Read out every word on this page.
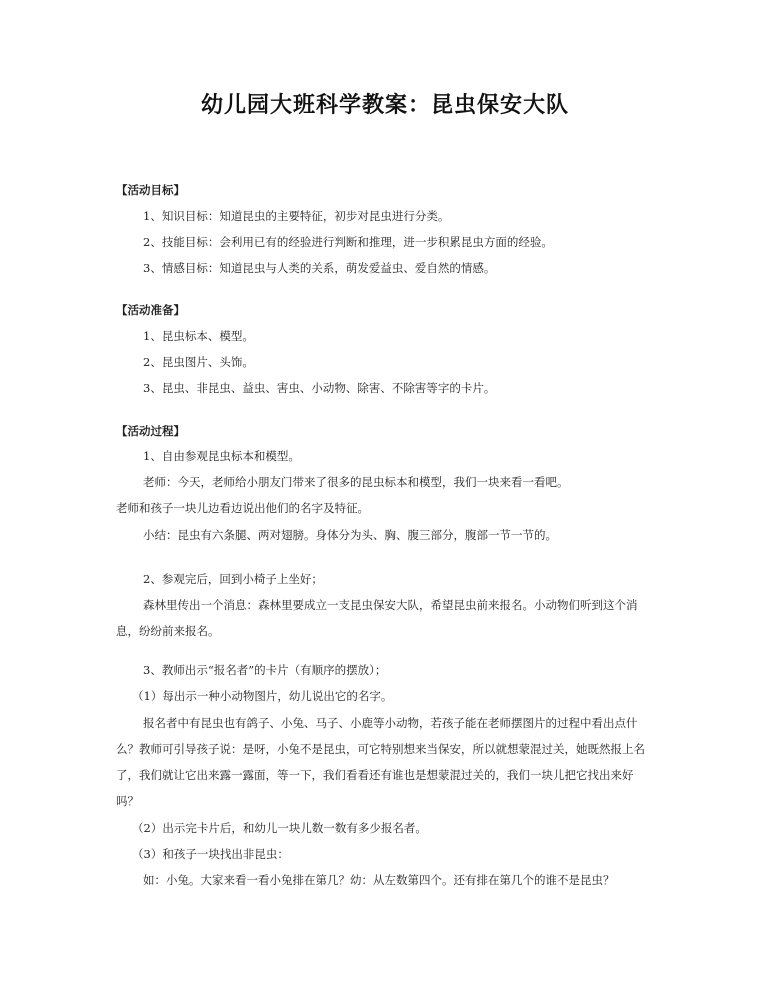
幼儿园大班科学教案：昆虫保安大队
【活动目标】
1、知识目标：知道昆虫的主要特征，初步对昆虫进行分类。
2、技能目标：会利用已有的经验进行判断和推理，进一步积累昆虫方面的经验。
3、情感目标：知道昆虫与人类的关系，萌发爱益虫、爱自然的情感。
【活动准备】
1、昆虫标本、模型。
2、昆虫图片、头饰。
3、昆虫、非昆虫、益虫、害虫、小动物、除害、不除害等字的卡片。
【活动过程】
1、自由参观昆虫标本和模型。
老师：今天，老师给小朋友门带来了很多的昆虫标本和模型，我们一块来看一看吧。
老师和孩子一块儿边看边说出他们的名字及特征。
小结：昆虫有六条腿、两对翅膀。身体分为头、胸、腹三部分，腹部一节一节的。
2、参观完后，回到小椅子上坐好；
森林里传出一个消息：森林里要成立一支昆虫保安大队，希望昆虫前来报名。小动物们听到这个消
息，纷纷前来报名。
3、教师出示“报名者”的卡片（有顺序的摆放）；
（1）每出示一种小动物图片，幼儿说出它的名字。
报名者中有昆虫也有鸽子、小兔、马子、小鹿等小动物，若孩子能在老师摆图片的过程中看出点什
么？教师可引导孩子说：是呀，小兔不是昆虫，可它特别想来当保安，所以就想蒙混过关，她既然报上名
了，我们就让它出来露一露面，等一下，我们看看还有谁也是想蒙混过关的，我们一块儿把它找出来好
吗？
（2）出示完卡片后，和幼儿一块儿数一数有多少报名者。
（3）和孩子一块找出非昆虫：
如：小兔。大家来看一看小兔排在第几？幼：从左数第四个。还有排在第几个的谁不是昆虫？
